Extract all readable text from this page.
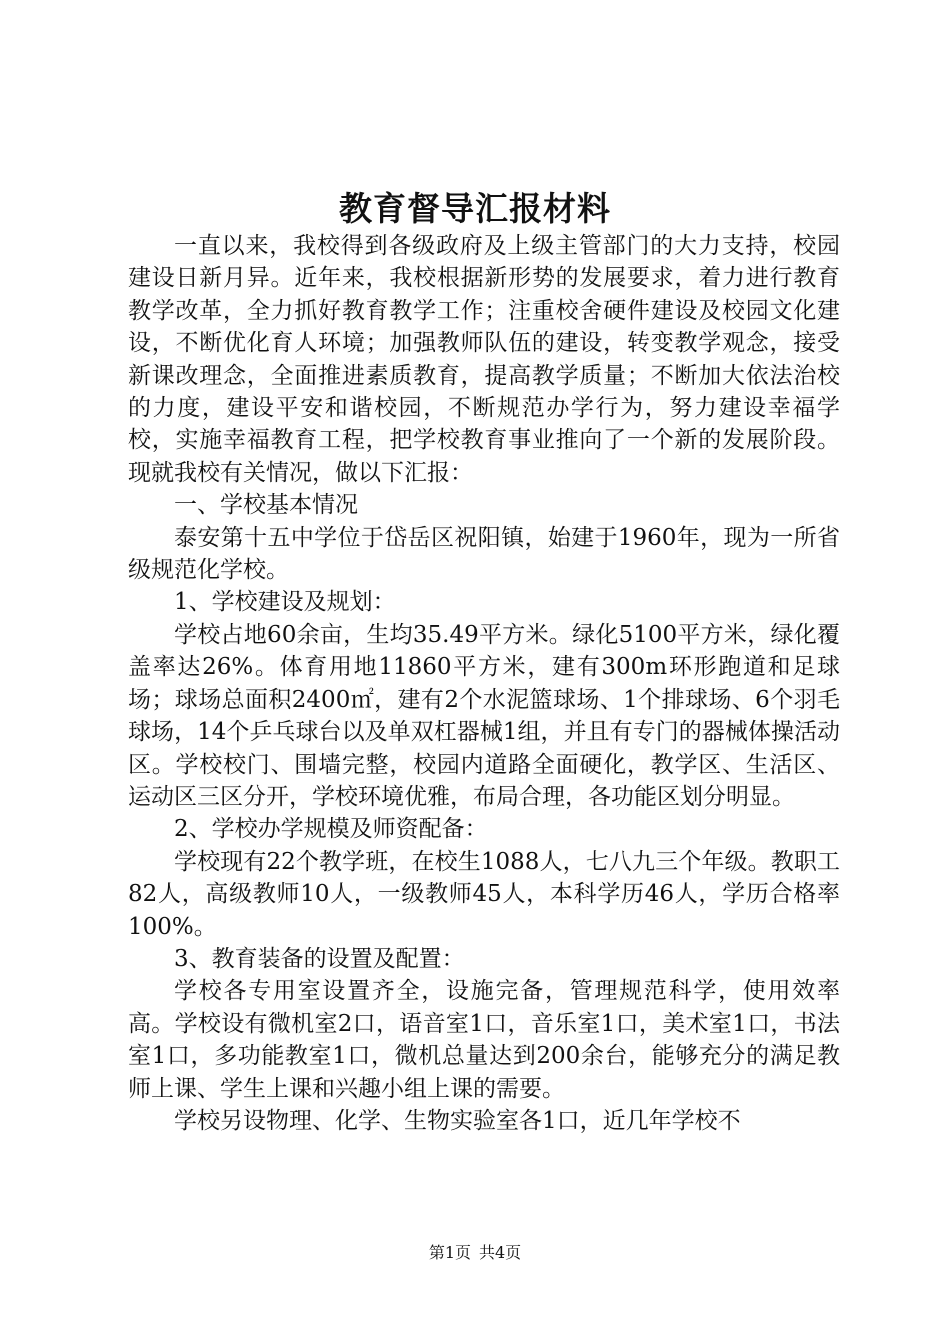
教育督导汇报材料

一直以来，我校得到各级政府及上级主管部门的大力支持，校园建设日新月异。近年来，我校根据新形势的发展要求，着力进行教育教学改革，全力抓好教育教学工作；注重校舍硬件建设及校园文化建设，不断优化育人环境；加强教师队伍的建设，转变教学观念，接受新课改理念，全面推进素质教育，提高教学质量；不断加大依法治校的力度，建设平安和谐校园，不断规范办学行为，努力建设幸福学校，实施幸福教育工程，把学校教育事业推向了一个新的发展阶段。现就我校有关情况，做以下汇报：

一、学校基本情况

泰安第十五中学位于岱岳区祝阳镇，始建于1960年，现为一所省级规范化学校。

1、学校建设及规划：

学校占地60余亩，生均35.49平方米。绿化5100平方米，绿化覆盖率达26%。体育用地11860平方米，建有300m环形跑道和足球场；球场总面积2400㎡，建有2个水泥篮球场、1个排球场、6个羽毛球场，14个乒乓球台以及单双杠器械1组，并且有专门的器械体操活动区。学校校门、围墙完整，校园内道路全面硬化，教学区、生活区、运动区三区分开，学校环境优雅，布局合理，各功能区划分明显。

2、学校办学规模及师资配备：

学校现有22个教学班，在校生1088人，七八九三个年级。教职工82人，高级教师10人，一级教师45人，本科学历46人，学历合格率100%。

3、教育装备的设置及配置：

学校各专用室设置齐全，设施完备，管理规范科学，使用效率高。学校设有微机室2口，语音室1口，音乐室1口，美术室1口，书法室1口，多功能教室1口，微机总量达到200余台，能够充分的满足教师上课、学生上课和兴趣小组上课的需要。

学校另设物理、化学、生物实验室各1口，近几年学校不

第1页 共4页
